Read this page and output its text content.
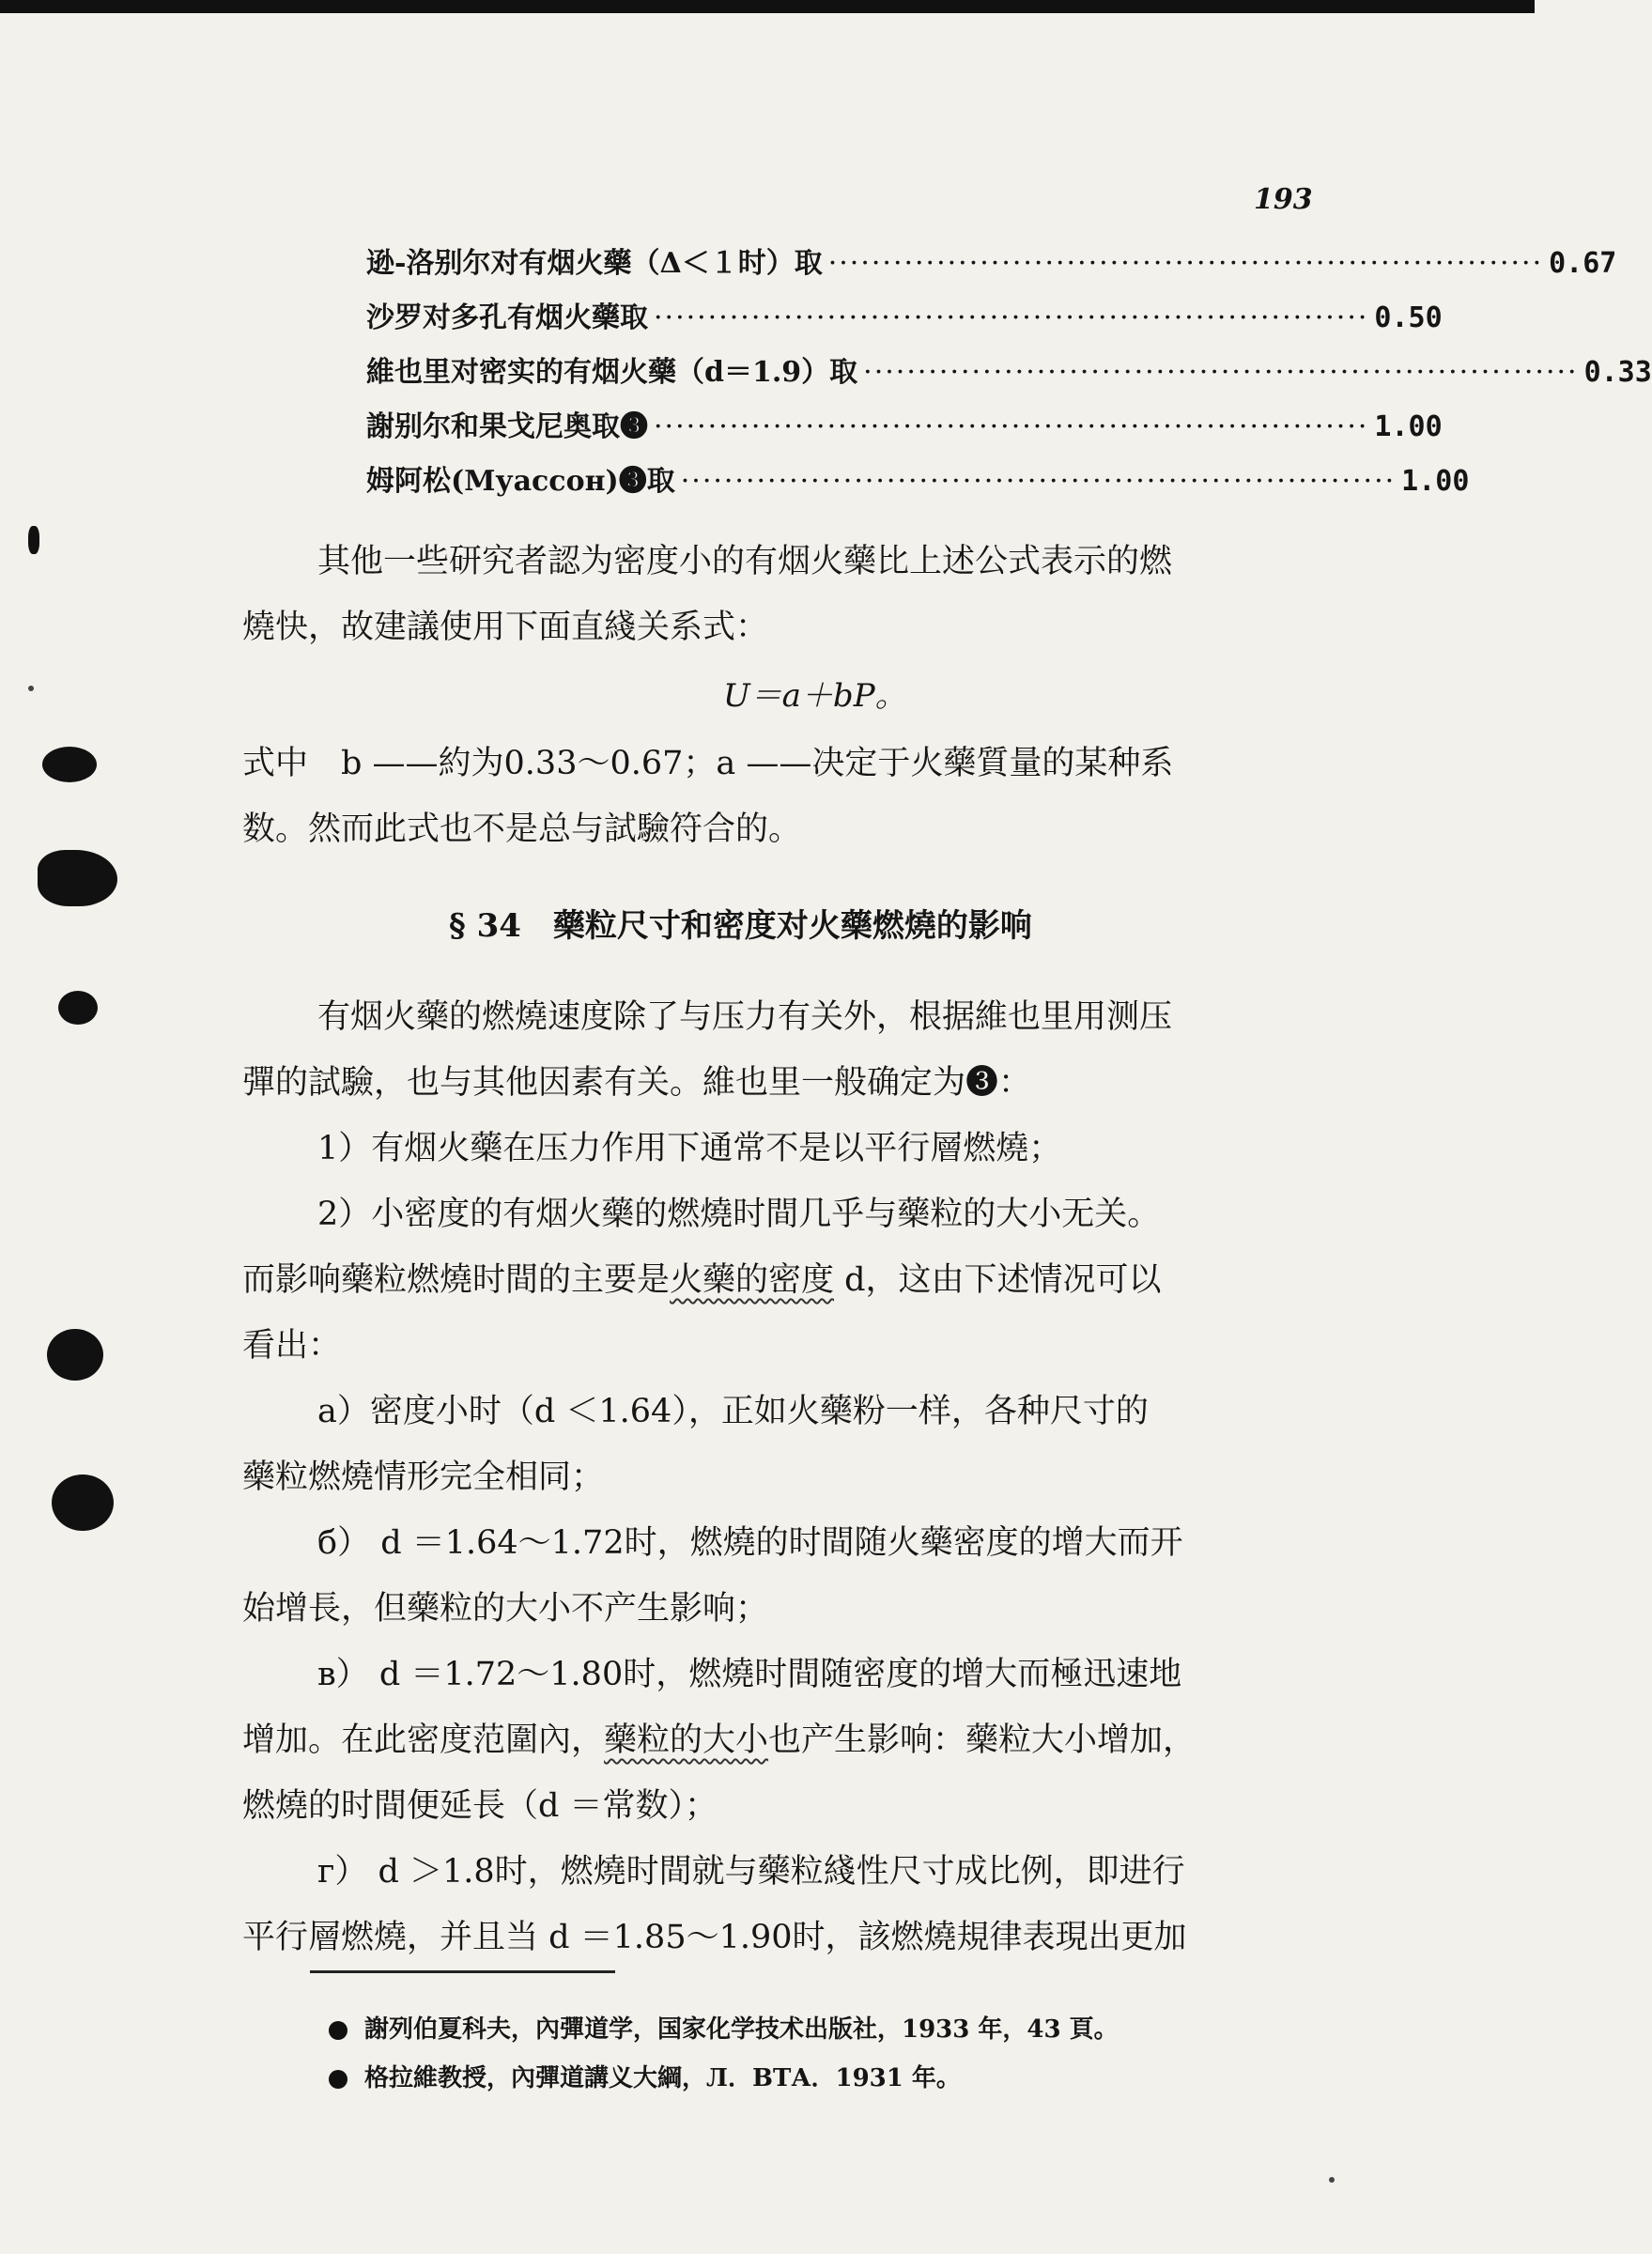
193
逊-洛别尔对有烟火藥（Δ＜１时）取 ·································································· 0.67
沙罗对多孔有烟火藥取 ·································································· 0.50
維也里对密实的有烟火藥（d＝1.9）取 ·································································· 0.33
謝别尔和果戈尼奥取❸ ·································································· 1.00
姆阿松(Муассон)❸取 ·································································· 1.00
其他一些研究者認为密度小的有烟火藥比上述公式表示的燃
燒快，故建議使用下面直綫关系式：
U＝a＋bP。
式中　b ——約为0.33～0.67；a ——决定于火藥質量的某种系
数。然而此式也不是总与試驗符合的。
§ 34　藥粒尺寸和密度对火藥燃燒的影响
有烟火藥的燃燒速度除了与压力有关外，根据維也里用测压
彈的試驗，也与其他因素有关。維也里一般确定为❸：
1）有烟火藥在压力作用下通常不是以平行層燃燒；
2）小密度的有烟火藥的燃燒时間几乎与藥粒的大小无关。
而影响藥粒燃燒时間的主要是火藥的密度 d，这由下述情况可以
看出：
a）密度小时（d ＜1.64），正如火藥粉一样，各种尺寸的
藥粒燃燒情形完全相同；
б） d ＝1.64～1.72时，燃燒的时間随火藥密度的增大而开
始增長，但藥粒的大小不产生影响；
в） d ＝1.72～1.80时，燃燒时間随密度的增大而極迅速地
增加。在此密度范圍內，藥粒的大小也产生影响：藥粒大小增加，
燃燒的时間便延長（d ＝常数）；
г） d ＞1.8时，燃燒时間就与藥粒綫性尺寸成比例，即进行
平行層燃燒，并且当 d ＝1.85～1.90时，該燃燒規律表現出更加
謝列伯夏科夫，內彈道学，国家化学技术出版社，1933 年，43 頁。
格拉維教授，內彈道講义大綱，Л．ВТА．1931 年。
